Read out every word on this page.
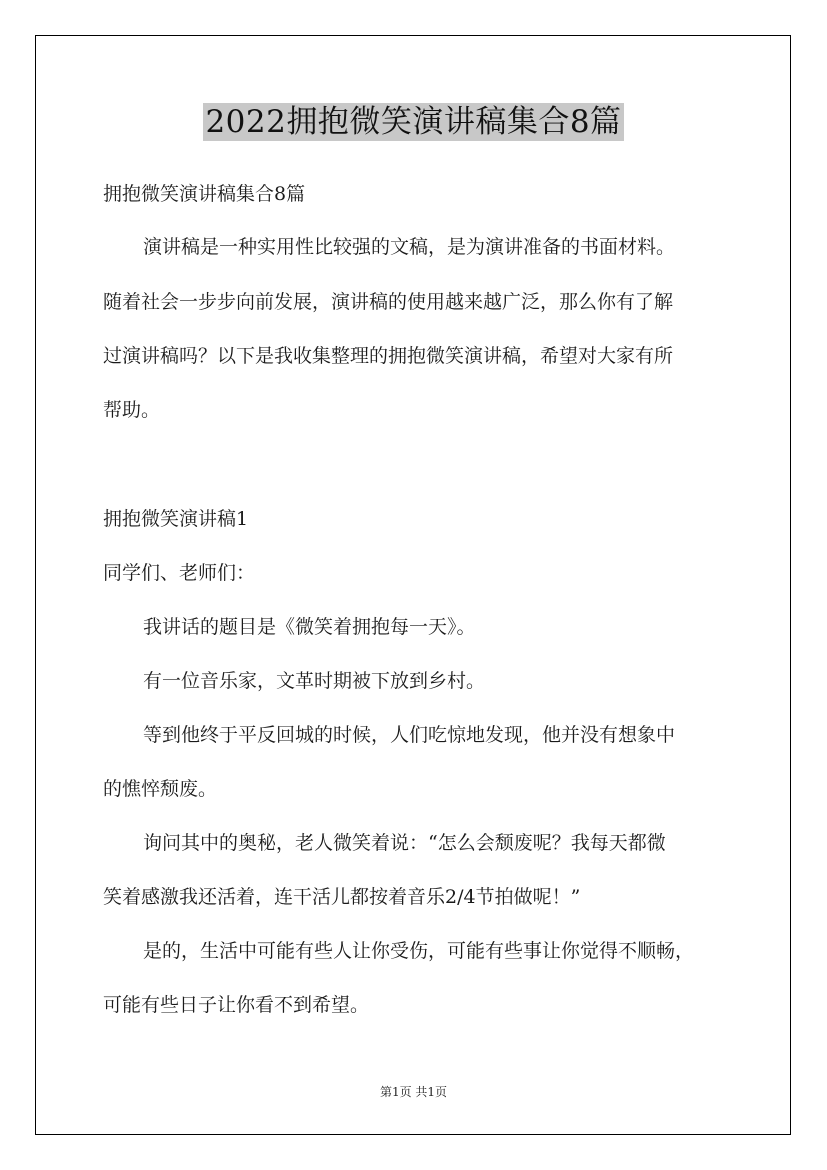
2022拥抱微笑演讲稿集合8篇
拥抱微笑演讲稿集合8篇
演讲稿是一种实用性比较强的文稿，是为演讲准备的书面材料。
随着社会一步步向前发展，演讲稿的使用越来越广泛，那么你有了解
过演讲稿吗？以下是我收集整理的拥抱微笑演讲稿，希望对大家有所
帮助。
拥抱微笑演讲稿1
同学们、老师们：
我讲话的题目是《微笑着拥抱每一天》。
有一位音乐家，文革时期被下放到乡村。
等到他终于平反回城的时候，人们吃惊地发现，他并没有想象中
的憔悴颓废。
询问其中的奥秘，老人微笑着说：“怎么会颓废呢？我每天都微
笑着感激我还活着，连干活儿都按着音乐2/4节拍做呢！”
是的，生活中可能有些人让你受伤，可能有些事让你觉得不顺畅，
可能有些日子让你看不到希望。
第1页 共1页
